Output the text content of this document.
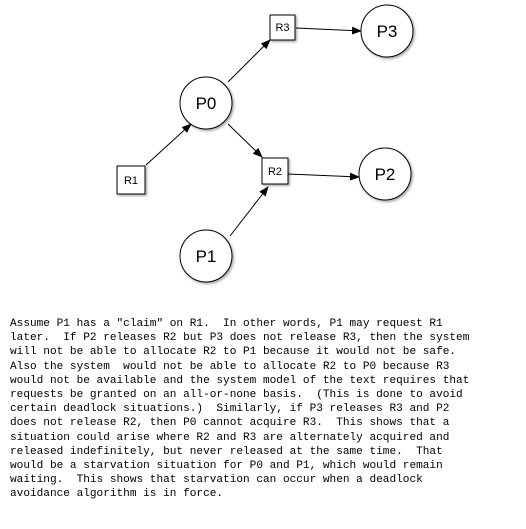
P0
P3
P2
P1
R3
R2
R1
Assume P1 has a "claim" on R1.  In other words, P1 may request R1
later.  If P2 releases R2 but P3 does not release R3, then the system
will not be able to allocate R2 to P1 because it would not be safe.
Also the system  would not be able to allocate R2 to P0 because R3
would not be available and the system model of the text requires that
requests be granted on an all-or-none basis.  (This is done to avoid
certain deadlock situations.)  Similarly, if P3 releases R3 and P2
does not release R2, then P0 cannot acquire R3.  This shows that a
situation could arise where R2 and R3 are alternately acquired and
released indefinitely, but never released at the same time.  That
would be a starvation situation for P0 and P1, which would remain
waiting.  This shows that starvation can occur when a deadlock
avoidance algorithm is in force.
